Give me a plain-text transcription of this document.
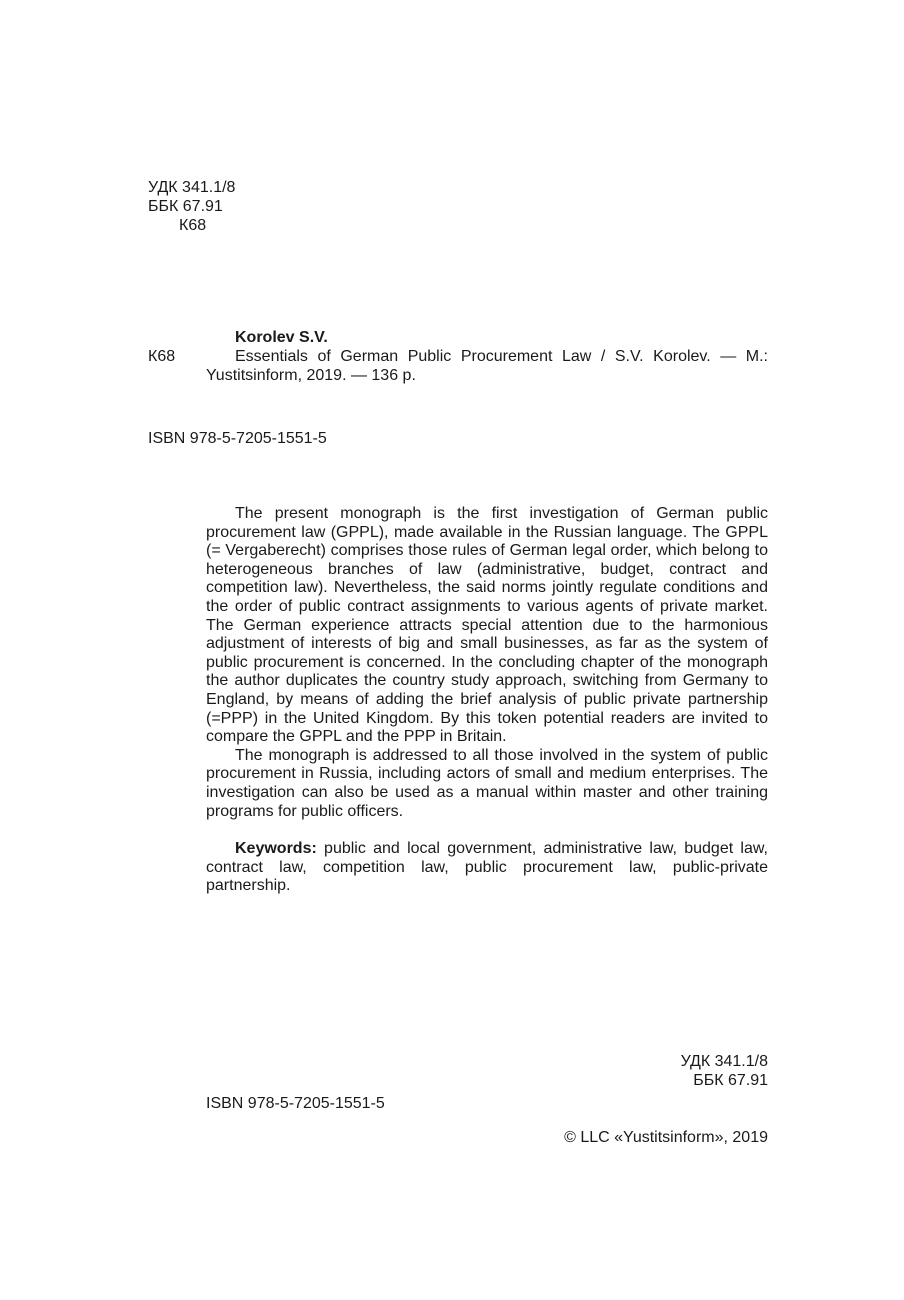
УДК 341.1/8
ББК 67.91
К68
Korolev S.V.
К68	Essentials of German Public Procurement Law / S.V. Korolev. — M.: Yustitsinform, 2019. — 136 p.

ISBN 978-5-7205-1551-5

The present monograph is the first investigation of German public procurement law (GPPL), made available in the Russian language. The GPPL (= Vergaberecht) comprises those rules of German legal order, which belong to heterogeneous branches of law (administrative, budget, contract and competition law). Nevertheless, the said norms jointly regulate conditions and the order of public contract assignments to various agents of private market. The German experience attracts special attention due to the harmonious adjustment of interests of big and small businesses, as far as the system of public procurement is concerned. In the concluding chapter of the monograph the author duplicates the country study approach, switching from Germany to England, by means of adding the brief analysis of public private partnership (=PPP) in the United Kingdom. By this token potential readers are invited to compare the GPPL and the PPP in Britain.

The monograph is addressed to all those involved in the system of public procurement in Russia, including actors of small and medium enterprises. The investigation can also be used as a manual within master and other training programs for public officers.

Keywords: public and local government, administrative law, budget law, contract law, competition law, public procurement law, public-private partnership.

УДК 341.1/8
ББК 67.91
ISBN 978-5-7205-1551-5
© LLC «Yustitsinform», 2019
